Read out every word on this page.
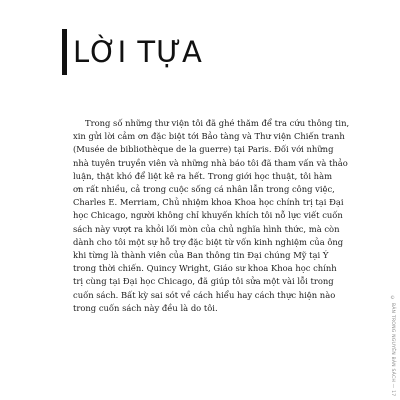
LỜI TỰA
Trong số những thư viện tôi đã ghé thăm để tra cứu thông tin,
xin gửi lời cảm ơn đặc biệt tới Bảo tàng và Thư viện Chiến tranh
(Musée de bibliothèque de la guerre) tại Paris. Đối với những
nhà tuyên truyền viên và những nhà báo tôi đã tham vấn và thảo
luận, thật khó để liệt kê ra hết. Trong giới học thuật, tôi hàm
ơn rất nhiều, cả trong cuộc sống cá nhân lẫn trong công việc,
Charles E. Merriam, Chủ nhiệm khoa Khoa học chính trị tại Đại
học Chicago, người không chỉ khuyến khích tôi nỗ lực viết cuốn
sách này vượt ra khỏi lối mòn của chủ nghĩa hình thức, mà còn
dành cho tôi một sự hỗ trợ đặc biệt từ vốn kinh nghiệm của ông
khi từng là thành viên của Ban thông tin Đại chúng Mỹ tại Ý
trong thời chiến. Quincy Wright, Giáo sư khoa Khoa học chính
trị cùng tại Đại học Chicago, đã giúp tôi sửa một vài lỗi trong
cuốn sách. Bất kỳ sai sót về cách hiểu hay cách thực hiện nào
trong cuốn sách này đều là do tôi.	© BẢN TRONG NGUYÊN BẢN SÁCH — 17
